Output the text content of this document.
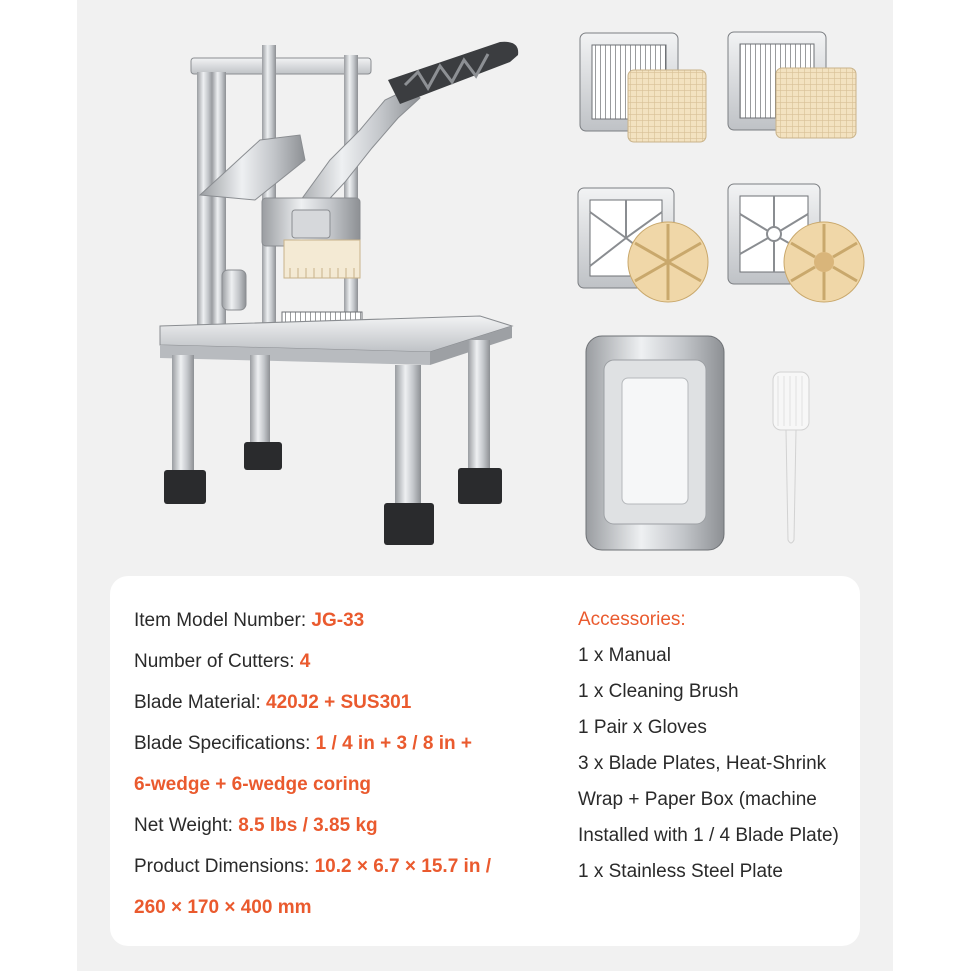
Item Model Number: JG-33
Number of Cutters: 4
Blade Material: 420J2 + SUS301
Blade Specifications: 1 / 4 in + 3 / 8 in +
6-wedge + 6-wedge coring
Net Weight: 8.5 lbs / 3.85 kg
Product Dimensions: 10.2 × 6.7 × 15.7 in /
260 × 170 × 400 mm
Accessories:
1 x Manual
1 x Cleaning Brush
1 Pair x Gloves
3 x Blade Plates, Heat-Shrink
Wrap + Paper Box (machine
Installed with 1 / 4 Blade Plate)
1 x Stainless Steel Plate
